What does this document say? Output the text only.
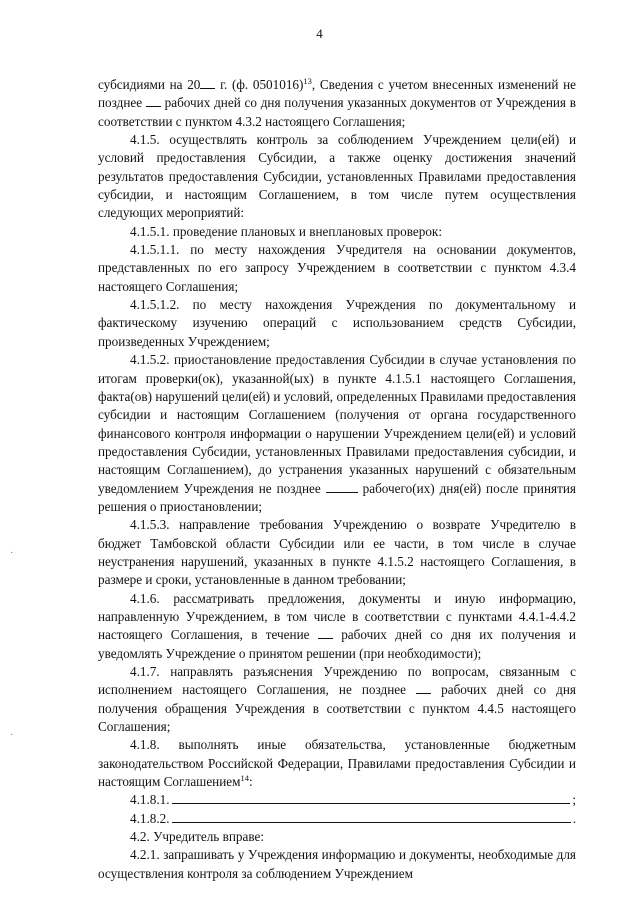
4
·
·

субсидиями на 20 г. (ф. 0501016)$^{13}$, Сведения с учетом внесенных изменений не позднее  рабочих дней со дня получения указанных документов от Учреждения в соответствии с пунктом 4.3.2 настоящего Соглашения;

4.1.5. осуществлять контроль за соблюдением Учреждением цели(ей) и условий предоставления Субсидии, а также оценку достижения значений результатов предоставления Субсидии, установленных Правилами предоставления субсидии, и настоящим Соглашением, в том числе путем осуществления следующих мероприятий:

4.1.5.1. проведение плановых и внеплановых проверок:

4.1.5.1.1. по месту нахождения Учредителя на основании документов, представленных по его запросу Учреждением в соответствии с пунктом 4.3.4 настоящего Соглашения;

4.1.5.1.2. по месту нахождения Учреждения по документальному и фактическому изучению операций с использованием средств Субсидии, произведенных Учреждением;

4.1.5.2. приостановление предоставления Субсидии в случае установления по итогам проверки(ок), указанной(ых) в пункте 4.1.5.1 настоящего Соглашения, факта(ов) нарушений цели(ей) и условий, определенных Правилами предоставления субсидии и настоящим Соглашением (получения от органа государственного финансового контроля информации о нарушении Учреждением цели(ей) и условий предоставления Субсидии, установленных Правилами предоставления субсидии, и настоящим Соглашением), до устранения указанных нарушений с обязательным уведомлением Учреждения не позднее  рабочего(их) дня(ей) после принятия решения о приостановлении;

4.1.5.3. направление требования Учреждению о возврате Учредителю в бюджет Тамбовской области Субсидии или ее части, в том числе в случае неустранения нарушений, указанных в пункте 4.1.5.2 настоящего Соглашения, в размере и сроки, установленные в данном требовании;

4.1.6. рассматривать предложения, документы и иную информацию, направленную Учреждением, в том числе в соответствии с пунктами 4.4.1-4.4.2 настоящего Соглашения, в течение  рабочих дней со дня их получения и уведомлять Учреждение о принятом решении (при необходимости);

4.1.7. направлять разъяснения Учреждению по вопросам, связанным с исполнением настоящего Соглашения, не позднее  рабочих дней со дня получения обращения Учреждения в соответствии с пунктом 4.4.5 настоящего Соглашения;

4.1.8. выполнять иные обязательства, установленные бюджетным законодательством Российской Федерации, Правилами предоставления Субсидии и настоящим Соглашением$^{14}$:

4.1.8.1.	;
4.1.8.2.	.

4.2. Учредитель вправе:

4.2.1. запрашивать у Учреждения информацию и документы, необходимые для осуществления контроля за соблюдением Учреждением
